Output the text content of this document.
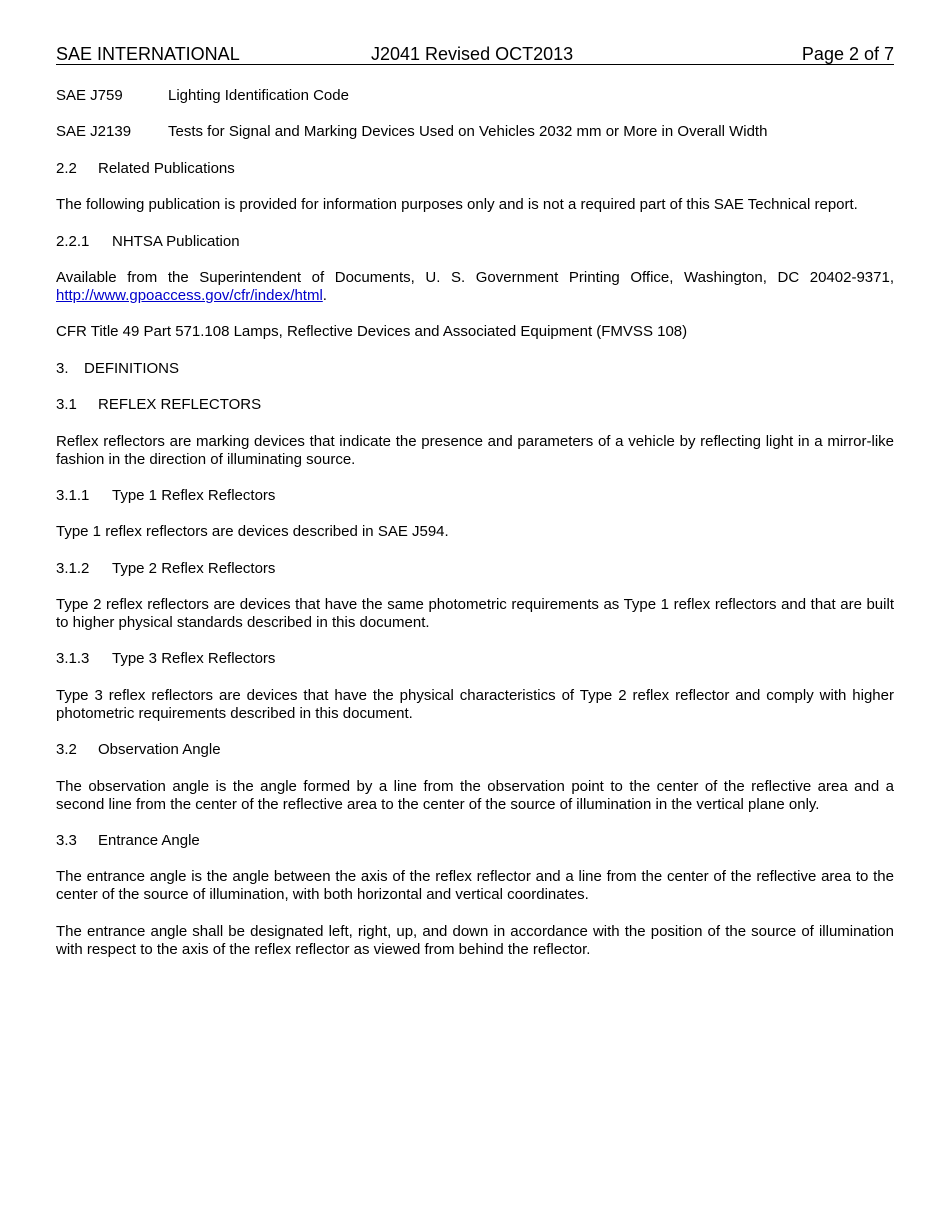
SAE INTERNATIONAL	J2041 Revised OCT2013	Page 2 of 7
SAE J759	Lighting Identification Code
SAE J2139	Tests for Signal and Marking Devices Used on Vehicles 2032 mm or More in Overall Width
2.2	Related Publications

The following publication is provided for information purposes only and is not a required part of this SAE Technical report.

2.2.1	NHTSA Publication

Available from the Superintendent of Documents, U. S. Government Printing Office, Washington, DC 20402-9371, http://www.gpoaccess.gov/cfr/index/html.

CFR Title 49 Part 571.108 Lamps, Reflective Devices and Associated Equipment (FMVSS 108)

3.	DEFINITIONS
3.1	REFLEX REFLECTORS

Reflex reflectors are marking devices that indicate the presence and parameters of a vehicle by reflecting light in a mirror-like fashion in the direction of illuminating source.

3.1.1	Type 1 Reflex Reflectors

Type 1 reflex reflectors are devices described in SAE J594.

3.1.2	Type 2 Reflex Reflectors

Type 2 reflex reflectors are devices that have the same photometric requirements as Type 1 reflex reflectors and that are built to higher physical standards described in this document.

3.1.3	Type 3 Reflex Reflectors

Type 3 reflex reflectors are devices that have the physical characteristics of Type 2 reflex reflector and comply with higher photometric requirements described in this document.

3.2	Observation Angle

The observation angle is the angle formed by a line from the observation point to the center of the reflective area and a second line from the center of the reflective area to the center of the source of illumination in the vertical plane only.

3.3	Entrance Angle

The entrance angle is the angle between the axis of the reflex reflector and a line from the center of the reflective area to the center of the source of illumination, with both horizontal and vertical coordinates.

The entrance angle shall be designated left, right, up, and down in accordance with the position of the source of illumination with respect to the axis of the reflex reflector as viewed from behind the reflector.
